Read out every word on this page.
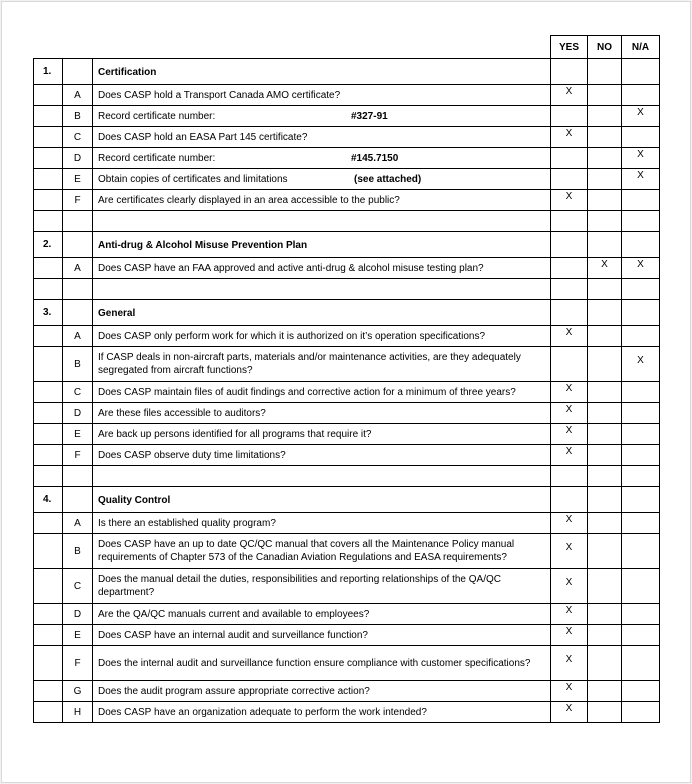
			YES	NO	N/A
1.		Certification			
	A	Does CASP hold a Transport Canada AMO certificate?	X		
	B	Record certificate number: #327-91			X
	C	Does CASP hold an EASA Part 145 certificate?	X		
	D	Record certificate number: #145.7150			X
	E	Obtain copies of certificates and limitations (see attached)			X
	F	Are certificates clearly displayed in an area accessible to the public?	X		

2.		Anti-drug & Alcohol Misuse Prevention Plan			
	A	Does CASP have an FAA approved and active anti-drug & alcohol misuse testing plan?		X	X

3.		General			
	A	Does CASP only perform work for which it is authorized on it’s operation specifications?	X		
	B	If CASP deals in non-aircraft parts, materials and/or maintenance activities, are they adequately segregated from aircraft functions?			X
	C	Does CASP maintain files of audit findings and corrective action for a minimum of three years?	X		
	D	Are these files accessible to auditors?	X		
	E	Are back up persons identified for all programs that require it?	X		
	F	Does CASP observe duty time limitations?	X		

4.		Quality Control			
	A	Is there an established quality program?	X		
	B	Does CASP have an up to date QC/QC manual that covers all the Maintenance Policy manual requirements of Chapter 573 of the Canadian Aviation Regulations and EASA requirements?	X		
	C	Does the manual detail the duties, responsibilities and reporting relationships of the QA/QC department?	X		
	D	Are the QA/QC manuals current and available to employees?	X		
	E	Does CASP have an internal audit and surveillance function?	X		
	F	Does the internal audit and surveillance function ensure compliance with customer specifications?	X		
	G	Does the audit program assure appropriate corrective action?	X		
	H	Does CASP have an organization adequate to perform the work intended?	X		
